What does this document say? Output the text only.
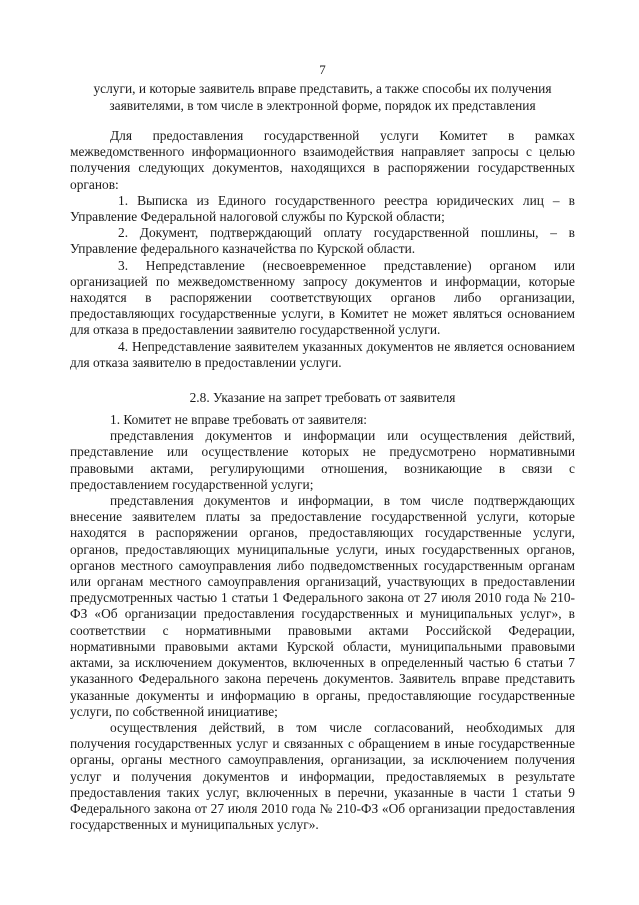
7
услуги, и которые заявитель вправе представить, а также способы их получения
заявителями, в том числе в электронной форме, порядок их представления

Для предоставления государственной услуги Комитет в рамках межведомственного информационного взаимодействия направляет запросы с целью получения следующих документов, находящихся в распоряжении государственных органов:

1. Выписка из Единого государственного реестра юридических лиц – в Управление Федеральной налоговой службы по Курской области;

2. Документ, подтверждающий оплату государственной пошлины, – в Управление федерального казначейства по Курской области.

3. Непредставление (несвоевременное представление) органом или организацией по межведомственному запросу документов и информации, которые находятся в распоряжении соответствующих органов либо организации, предоставляющих государственные услуги, в Комитет не может являться основанием для отказа в предоставлении заявителю государственной услуги.

4. Непредставление заявителем указанных документов не является основанием для отказа заявителю в предоставлении услуги.

2.8. Указание на запрет требовать от заявителя

1. Комитет не вправе требовать от заявителя:

представления документов и информации или осуществления действий, представление или осуществление которых не предусмотрено нормативными правовыми актами, регулирующими отношения, возникающие в связи с предоставлением государственной услуги;

представления документов и информации, в том числе подтверждающих внесение заявителем платы за предоставление государственной услуги, которые находятся в распоряжении органов, предоставляющих государственные услуги, органов, предоставляющих муниципальные услуги, иных государственных органов, органов местного самоуправления либо подведомственных государственным органам или органам местного самоуправления организаций, участвующих в предоставлении предусмотренных частью 1 статьи 1 Федерального закона от 27 июля 2010 года № 210-ФЗ «Об организации предоставления государственных и муниципальных услуг», в соответствии с нормативными правовыми актами Российской Федерации, нормативными правовыми актами Курской области, муниципальными правовыми актами, за исключением документов, включенных в определенный частью 6 статьи 7 указанного Федерального закона перечень документов. Заявитель вправе представить указанные документы и информацию в органы, предоставляющие государственные услуги, по собственной инициативе;

осуществления действий, в том числе согласований, необходимых для получения государственных услуг и связанных с обращением в иные государственные органы, органы местного самоуправления, организации, за исключением получения услуг и получения документов и информации, предоставляемых в результате предоставления таких услуг, включенных в перечни, указанные в части 1 статьи 9 Федерального закона от 27 июля 2010 года № 210-ФЗ «Об организации предоставления государственных и муниципальных услуг».
